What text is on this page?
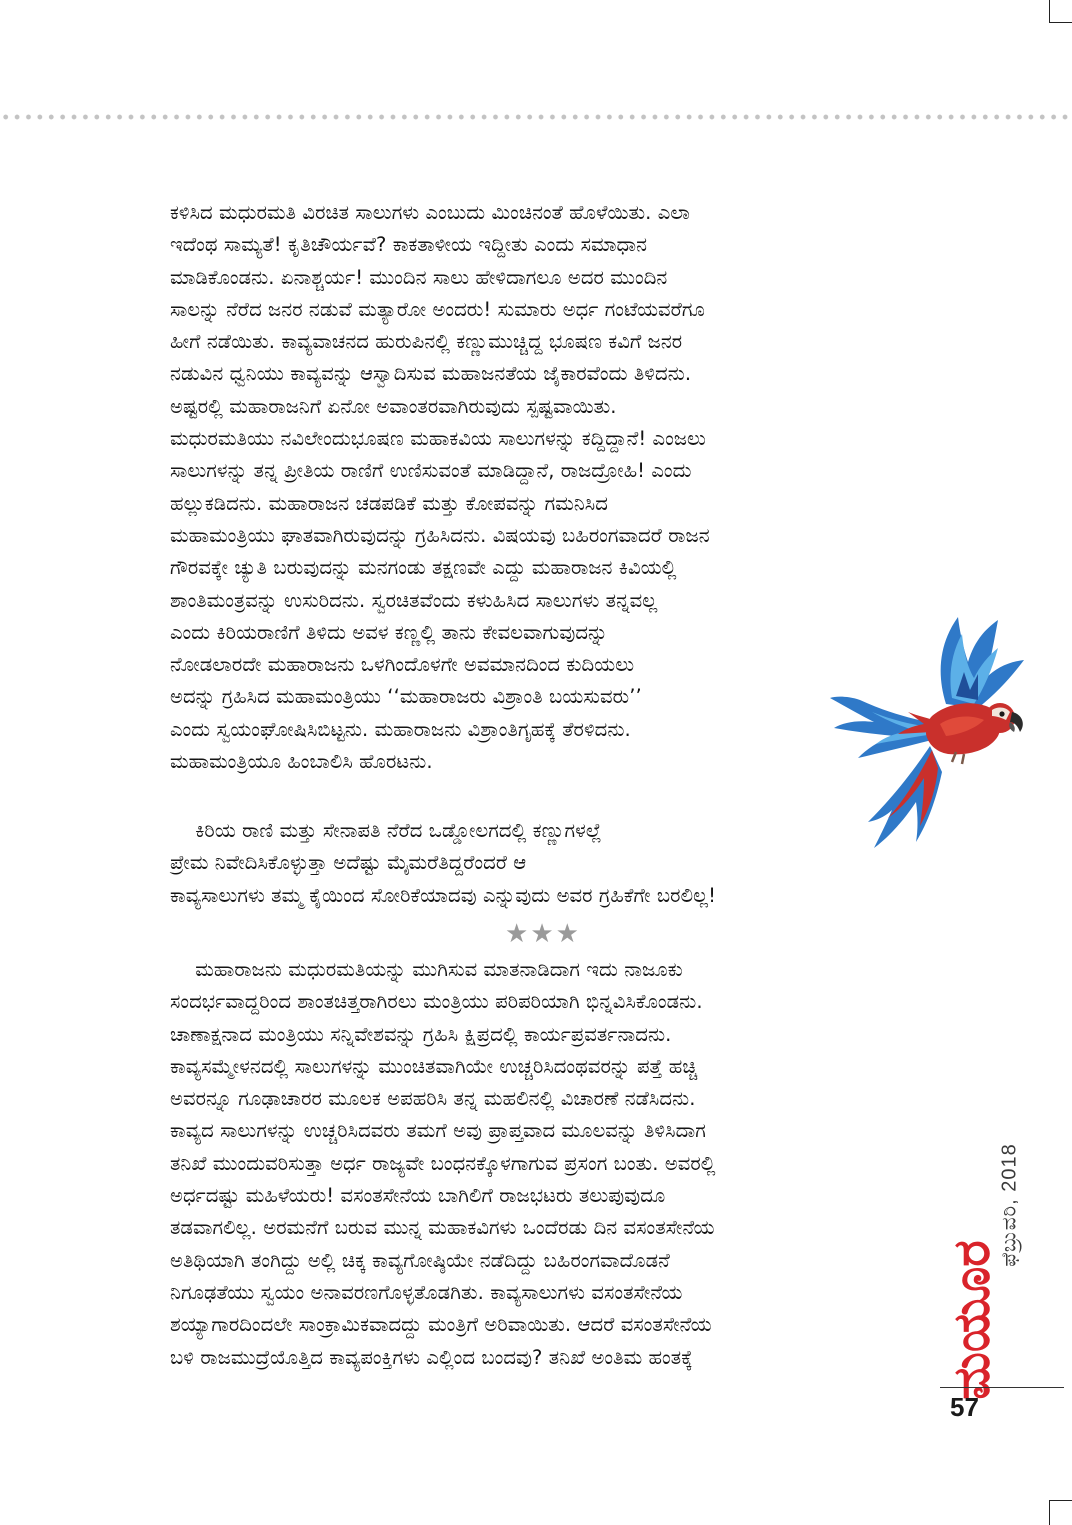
ಕಳಿಸಿದ ಮಧುರಮತಿ ವಿರಚಿತ ಸಾಲುಗಳು ಎಂಬುದು ಮಿಂಚಿನಂತೆ ಹೊಳೆಯಿತು. ಎಲಾ
ಇದೆಂಥ ಸಾಮ್ಯತೆ! ಕೃತಿಚೌರ್ಯವೆ? ಕಾಕತಾಳೀಯ ಇದ್ದೀತು ಎಂದು ಸಮಾಧಾನ
ಮಾಡಿಕೊಂಡನು. ಏನಾಶ್ಚರ್ಯ! ಮುಂದಿನ ಸಾಲು ಹೇಳಿದಾಗಲೂ ಅದರ ಮುಂದಿನ
ಸಾಲನ್ನು ನೆರೆದ ಜನರ ನಡುವೆ ಮತ್ಯಾರೋ ಅಂದರು! ಸುಮಾರು ಅರ್ಧ ಗಂಟೆಯವರೆಗೂ
ಹೀಗೆ ನಡೆಯಿತು. ಕಾವ್ಯವಾಚನದ ಹುರುಪಿನಲ್ಲಿ ಕಣ್ಣುಮುಚ್ಚಿದ್ದ ಭೂಷಣ ಕವಿಗೆ ಜನರ
ನಡುವಿನ ಧ್ವನಿಯು ಕಾವ್ಯವನ್ನು ಆಸ್ವಾದಿಸುವ ಮಹಾಜನತೆಯ ಜೈಕಾರವೆಂದು ತಿಳಿದನು.
ಅಷ್ಟರಲ್ಲಿ ಮಹಾರಾಜನಿಗೆ ಏನೋ ಅವಾಂತರವಾಗಿರುವುದು ಸ್ಪಷ್ಟವಾಯಿತು.
ಮಧುರಮತಿಯು ನವಿಲೇಂದುಭೂಷಣ ಮಹಾಕವಿಯ ಸಾಲುಗಳನ್ನು ಕದ್ದಿದ್ದಾನೆ! ಎಂಜಲು
ಸಾಲುಗಳನ್ನು ತನ್ನ ಪ್ರೀತಿಯ ರಾಣಿಗೆ ಉಣಿಸುವಂತೆ ಮಾಡಿದ್ದಾನೆ, ರಾಜದ್ರೋಹಿ! ಎಂದು
ಹಲ್ಲುಕಡಿದನು. ಮಹಾರಾಜನ ಚಡಪಡಿಕೆ ಮತ್ತು ಕೋಪವನ್ನು ಗಮನಿಸಿದ
ಮಹಾಮಂತ್ರಿಯು ಘಾತವಾಗಿರುವುದನ್ನು ಗ್ರಹಿಸಿದನು. ವಿಷಯವು ಬಹಿರಂಗವಾದರೆ ರಾಜನ
ಗೌರವಕ್ಕೇ ಚ್ಯುತಿ ಬರುವುದನ್ನು ಮನಗಂಡು ತಕ್ಷಣವೇ ಎದ್ದು ಮಹಾರಾಜನ ಕಿವಿಯಲ್ಲಿ
ಶಾಂತಿಮಂತ್ರವನ್ನು ಉಸುರಿದನು. ಸ್ವರಚಿತವೆಂದು ಕಳುಹಿಸಿದ ಸಾಲುಗಳು ತನ್ನವಲ್ಲ
ಎಂದು ಕಿರಿಯರಾಣಿಗೆ ತಿಳಿದು ಅವಳ ಕಣ್ಣಲ್ಲಿ ತಾನು ಕೇವಲವಾಗುವುದನ್ನು
ನೋಡಲಾರದೇ ಮಹಾರಾಜನು ಒಳಗಿಂದೊಳಗೇ ಅವಮಾನದಿಂದ ಕುದಿಯಲು
ಅದನ್ನು ಗ್ರಹಿಸಿದ ಮಹಾಮಂತ್ರಿಯು ‘‘ಮಹಾರಾಜರು ವಿಶ್ರಾಂತಿ ಬಯಸುವರು’’
ಎಂದು ಸ್ವಯಂಘೋಷಿಸಿಬಿಟ್ಟನು. ಮಹಾರಾಜನು ವಿಶ್ರಾಂತಿಗೃಹಕ್ಕೆ ತೆರಳಿದನು.
ಮಹಾಮಂತ್ರಿಯೂ ಹಿಂಬಾಲಿಸಿ ಹೊರಟನು.
ಕಿರಿಯ ರಾಣಿ ಮತ್ತು ಸೇನಾಪತಿ ನೆರೆದ ಒಡ್ಡೋಲಗದಲ್ಲಿ ಕಣ್ಣುಗಳಲ್ಲೆ
ಪ್ರೇಮ ನಿವೇದಿಸಿಕೊಳ್ಳುತ್ತಾ ಅದೆಷ್ಟು ಮೈಮರೆತಿದ್ದರೆಂದರೆ ಆ
ಕಾವ್ಯಸಾಲುಗಳು ತಮ್ಮ ಕೈಯಿಂದ ಸೋರಿಕೆಯಾದವು ಎನ್ನುವುದು ಅವರ ಗ್ರಹಿಕೆಗೇ ಬರಲಿಲ್ಲ!
★★★
ಮಹಾರಾಜನು ಮಧುರಮತಿಯನ್ನು ಮುಗಿಸುವ ಮಾತನಾಡಿದಾಗ ಇದು ನಾಜೂಕು
ಸಂದರ್ಭವಾದ್ದರಿಂದ ಶಾಂತಚಿತ್ತರಾಗಿರಲು ಮಂತ್ರಿಯು ಪರಿಪರಿಯಾಗಿ ಭಿನ್ನವಿಸಿಕೊಂಡನು.
ಚಾಣಾಕ್ಷನಾದ ಮಂತ್ರಿಯು ಸನ್ನಿವೇಶವನ್ನು ಗ್ರಹಿಸಿ ಕ್ಷಿಪ್ರದಲ್ಲಿ ಕಾರ್ಯಪ್ರವರ್ತನಾದನು.
ಕಾವ್ಯಸಮ್ಮೇಳನದಲ್ಲಿ ಸಾಲುಗಳನ್ನು ಮುಂಚಿತವಾಗಿಯೇ ಉಚ್ಚರಿಸಿದಂಥವರನ್ನು ಪತ್ತೆ ಹಚ್ಚಿ
ಅವರನ್ನೂ ಗೂಢಾಚಾರರ ಮೂಲಕ ಅಪಹರಿಸಿ ತನ್ನ ಮಹಲಿನಲ್ಲಿ ವಿಚಾರಣೆ ನಡೆಸಿದನು.
ಕಾವ್ಯದ ಸಾಲುಗಳನ್ನು ಉಚ್ಚರಿಸಿದವರು ತಮಗೆ ಅವು ಪ್ರಾಪ್ತವಾದ ಮೂಲವನ್ನು ತಿಳಿಸಿದಾಗ
ತನಿಖೆ ಮುಂದುವರಿಸುತ್ತಾ ಅರ್ಧ ರಾಜ್ಯವೇ ಬಂಧನಕ್ಕೊಳಗಾಗುವ ಪ್ರಸಂಗ ಬಂತು. ಅವರಲ್ಲಿ
ಅರ್ಧದಷ್ಟು ಮಹಿಳೆಯರು! ವಸಂತಸೇನೆಯ ಬಾಗಿಲಿಗೆ ರಾಜಭಟರು ತಲುಪುವುದೂ
ತಡವಾಗಲಿಲ್ಲ. ಅರಮನೆಗೆ ಬರುವ ಮುನ್ನ ಮಹಾಕವಿಗಳು ಒಂದೆರಡು ದಿನ ವಸಂತಸೇನೆಯ
ಅತಿಥಿಯಾಗಿ ತಂಗಿದ್ದು ಅಲ್ಲಿ ಚಿಕ್ಕ ಕಾವ್ಯಗೋಷ್ಠಿಯೇ ನಡೆದಿದ್ದು ಬಹಿರಂಗವಾದೊಡನೆ
ನಿಗೂಢತೆಯು ಸ್ವಯಂ ಅನಾವರಣಗೊಳ್ಳತೊಡಗಿತು. ಕಾವ್ಯಸಾಲುಗಳು ವಸಂತಸೇನೆಯ
ಶಯ್ಯಾಗಾರದಿಂದಲೇ ಸಾಂಕ್ರಾಮಿಕವಾದದ್ದು ಮಂತ್ರಿಗೆ ಅರಿವಾಯಿತು. ಆದರೆ ವಸಂತಸೇನೆಯ
ಬಳಿ ರಾಜಮುದ್ರೆಯೊತ್ತಿದ ಕಾವ್ಯಪಂಕ್ತಿಗಳು ಎಲ್ಲಿಂದ ಬಂದವು? ತನಿಖೆ ಅಂತಿಮ ಹಂತಕ್ಕೆ
ಫೆಬ್ರುವರಿ, 2018
ಮಯೂರ
57
